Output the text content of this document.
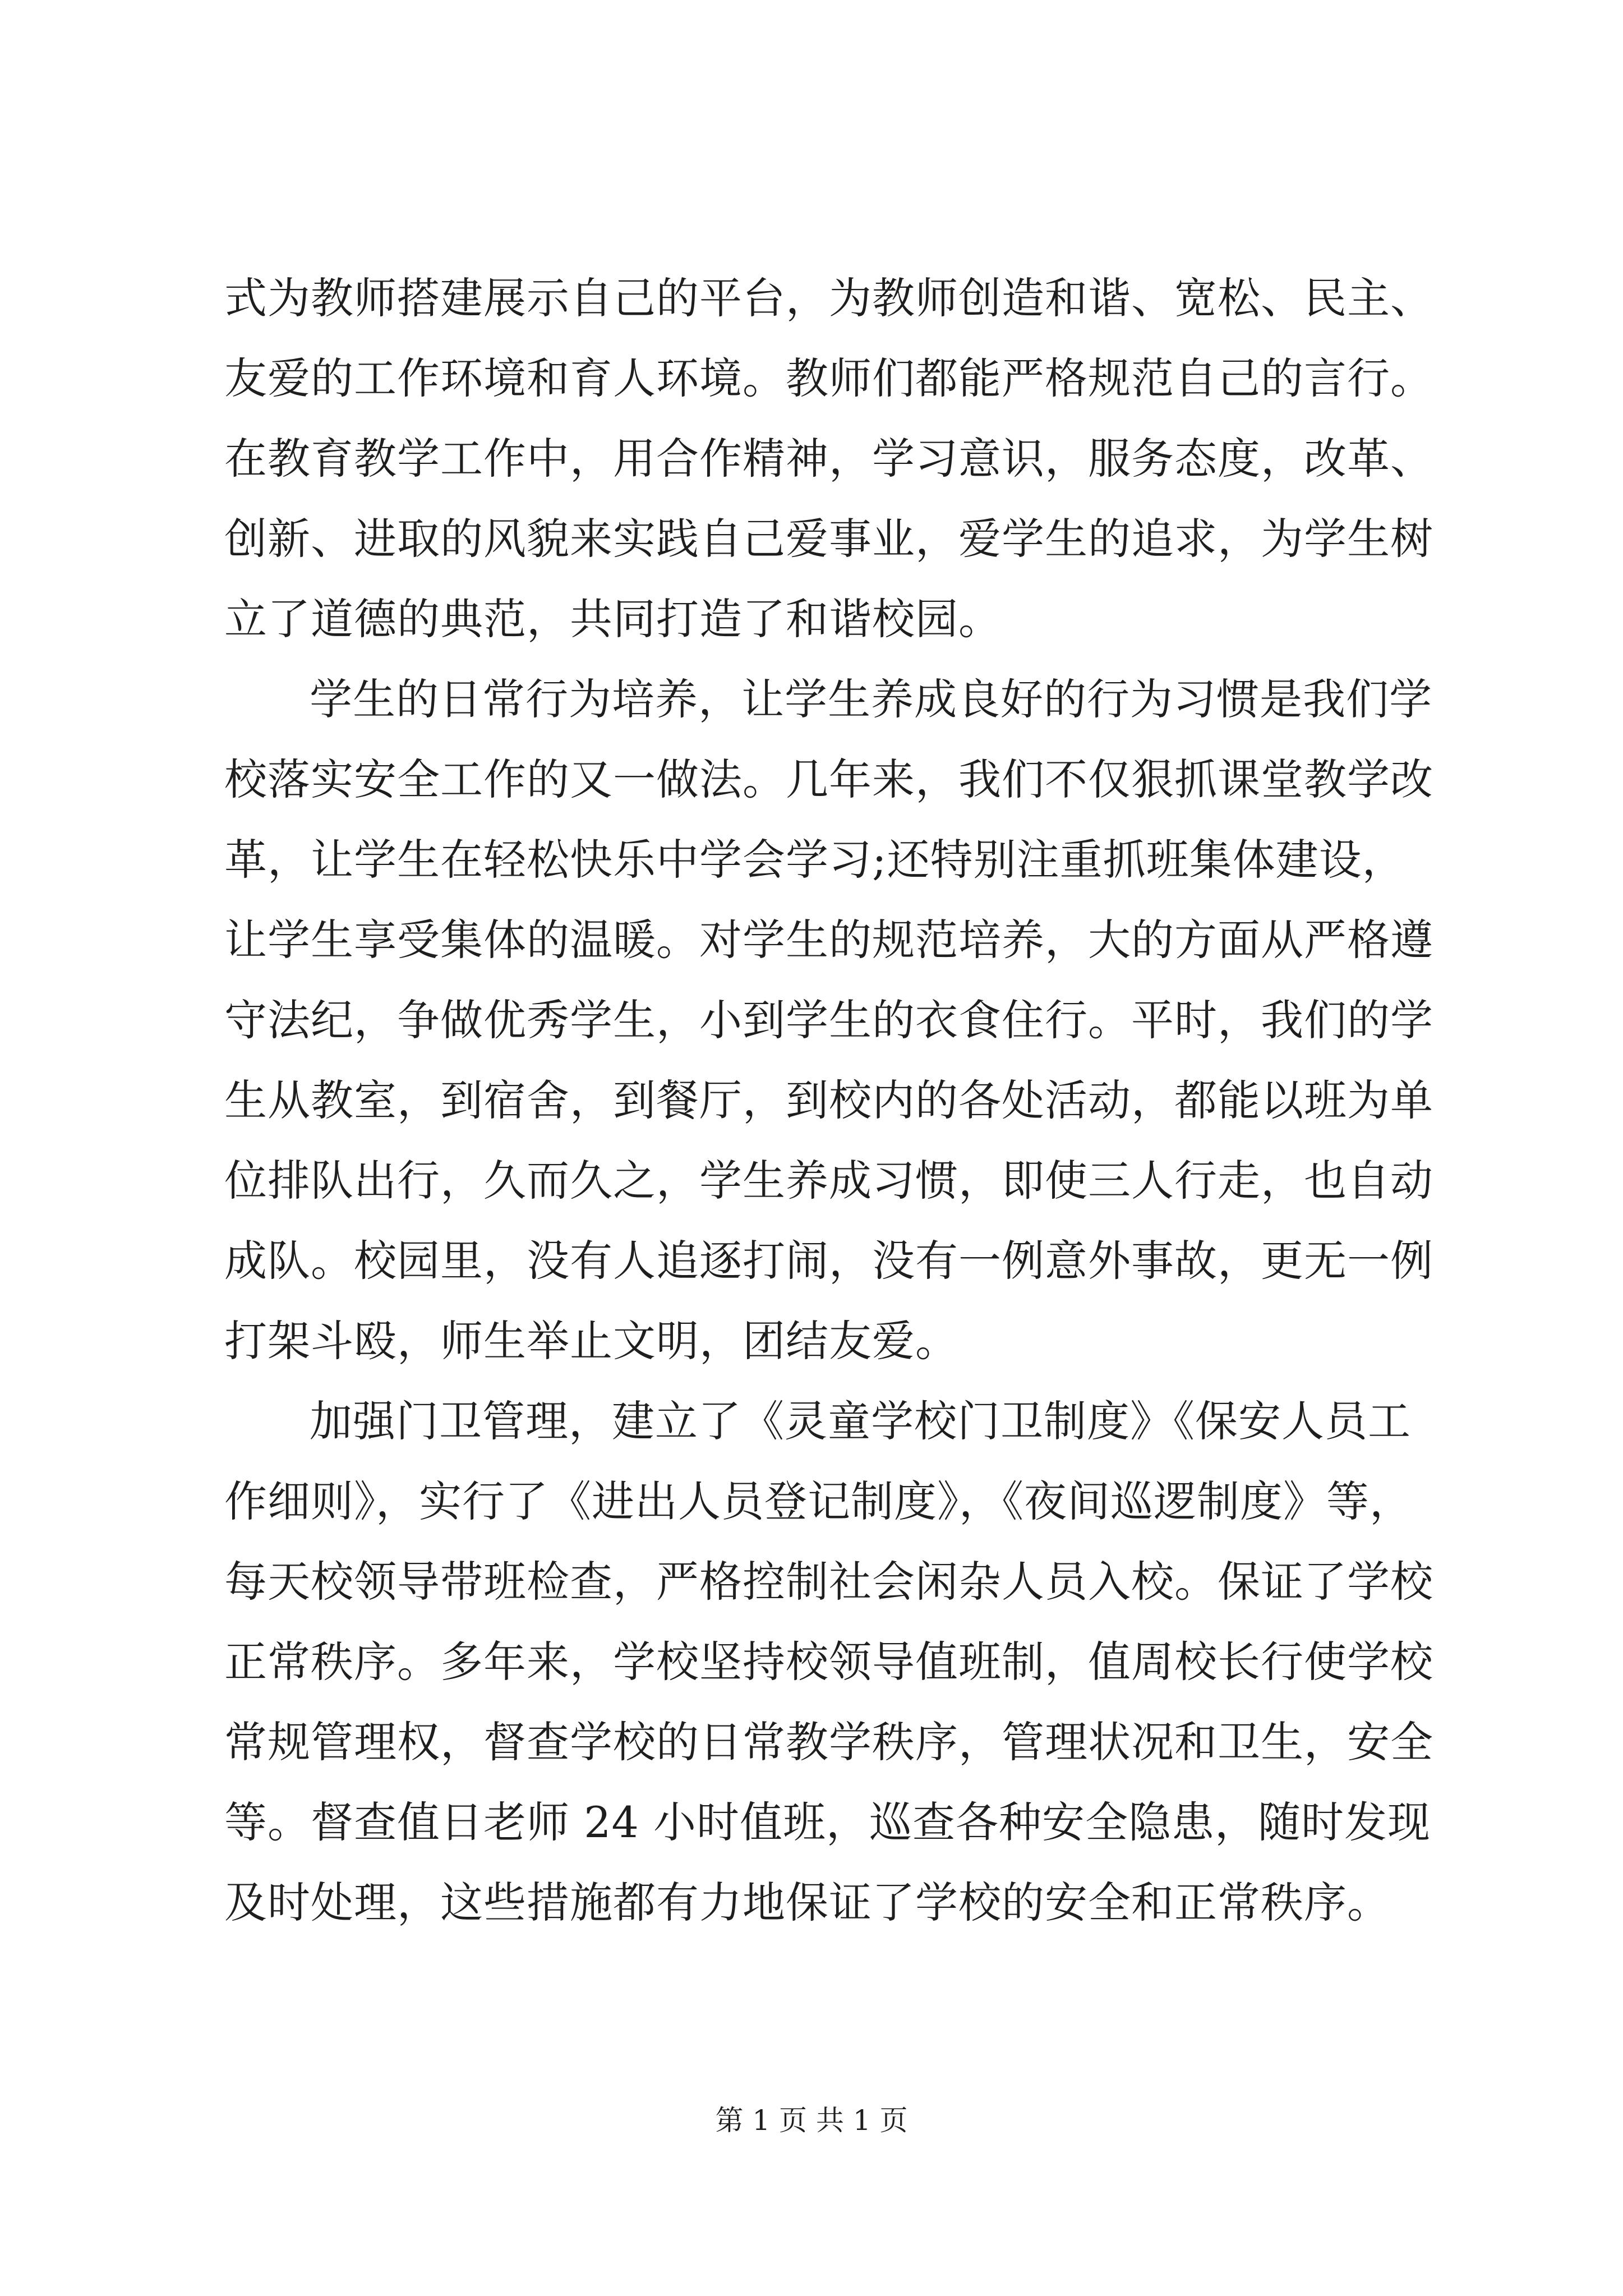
式为教师搭建展示自己的平台，为教师创造和谐、宽松、民主、

友爱的工作环境和育人环境。教师们都能严格规范自己的言行。

在教育教学工作中，用合作精神，学习意识，服务态度，改革、

创新、进取的风貌来实践自己爱事业，爱学生的追求，为学生树

立了道德的典范，共同打造了和谐校园。

学生的日常行为培养，让学生养成良好的行为习惯是我们学

校落实安全工作的又一做法。几年来，我们不仅狠抓课堂教学改

革，让学生在轻松快乐中学会学习;还特别注重抓班集体建设，

让学生享受集体的温暖。对学生的规范培养，大的方面从严格遵

守法纪，争做优秀学生，小到学生的衣食住行。平时，我们的学

生从教室，到宿舍，到餐厅，到校内的各处活动，都能以班为单

位排队出行，久而久之，学生养成习惯，即使三人行走，也自动

成队。校园里，没有人追逐打闹，没有一例意外事故，更无一例

打架斗殴，师生举止文明，团结友爱。

加强门卫管理，建立了《灵童学校门卫制度》《保安人员工

作细则》，实行了《进出人员登记制度》，《夜间巡逻制度》等，

每天校领导带班检查，严格控制社会闲杂人员入校。保证了学校

正常秩序。多年来，学校坚持校领导值班制，值周校长行使学校

常规管理权，督查学校的日常教学秩序，管理状况和卫生，安全

等。督查值日老师 24 小时值班，巡查各种安全隐患，随时发现

及时处理，这些措施都有力地保证了学校的安全和正常秩序。

第 1 页 共 1 页
